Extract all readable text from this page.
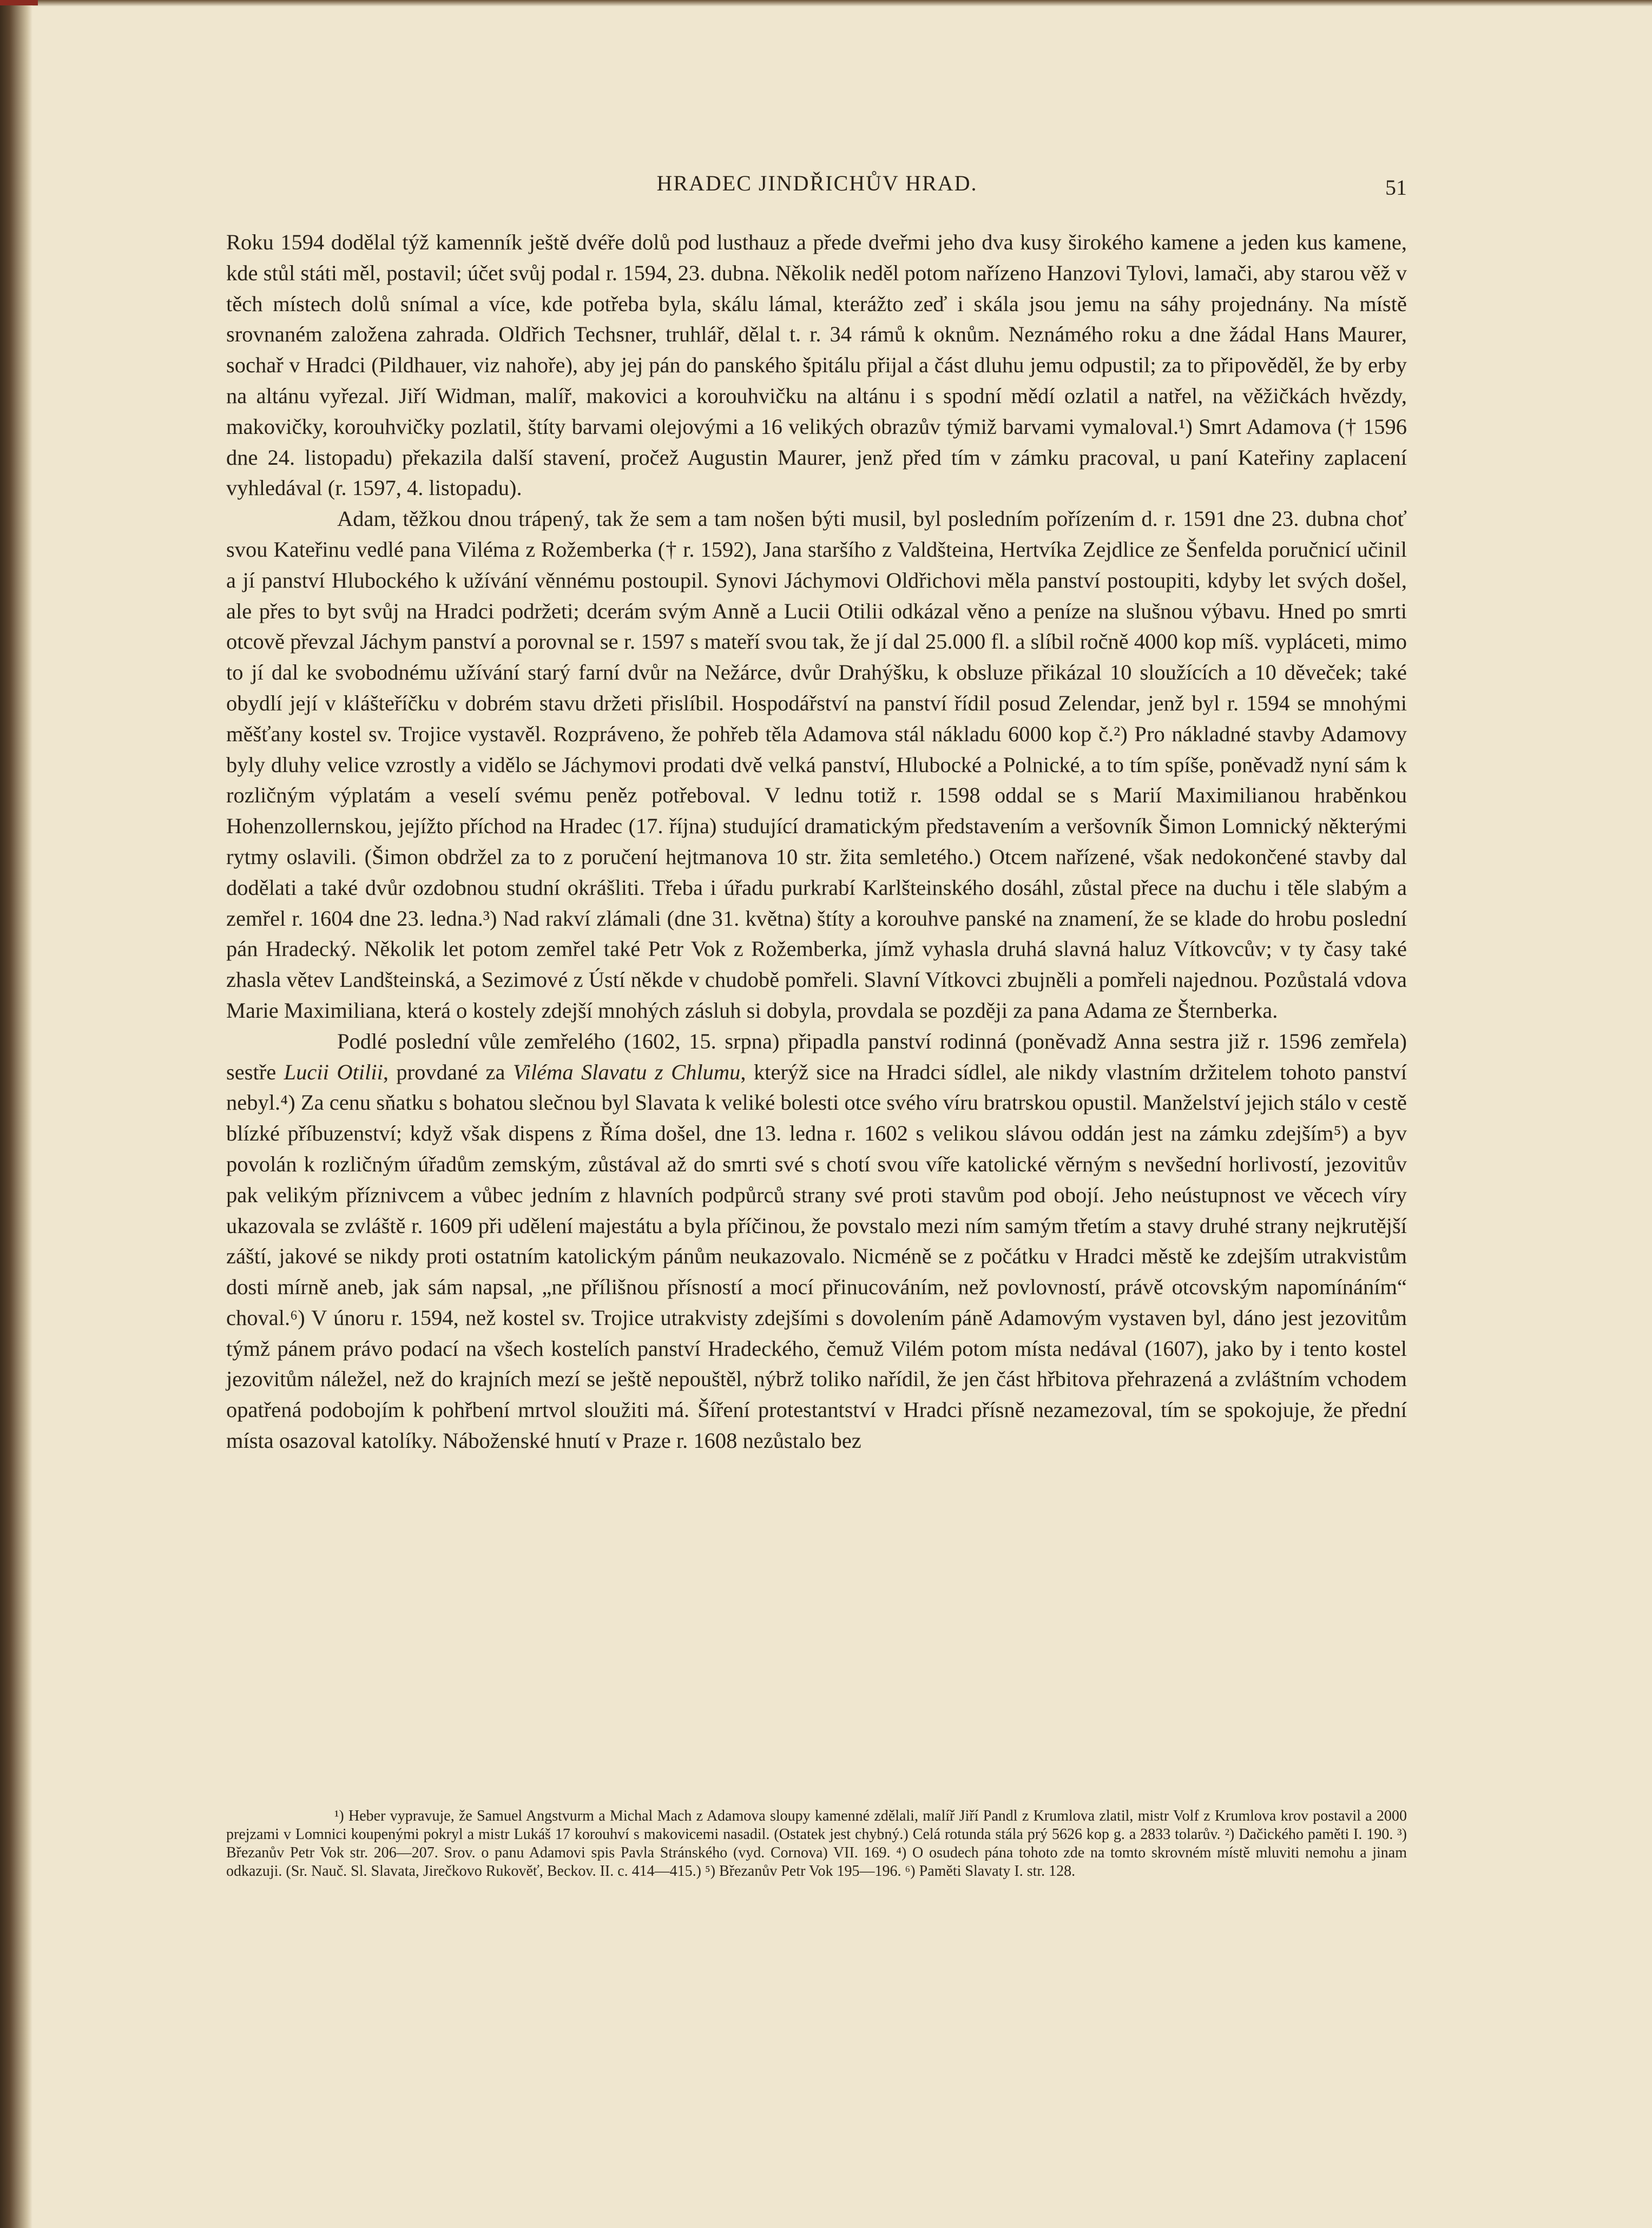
HRADEC JINDŘICHŮV HRAD.	51

Roku 1594 dodělal týž kamenník ještě dvéře dolů pod lusthauz a přede dveřmi jeho dva kusy širokého kamene a jeden kus kamene, kde stůl státi měl, postavil; účet svůj podal r. 1594, 23. dubna. Několik neděl potom nařízeno Hanzovi Tylovi, lamači, aby starou věž v těch místech dolů snímal a více, kde potřeba byla, skálu lámal, kterážto zeď i skála jsou jemu na sáhy projednány. Na místě srovnaném založena zahrada. Oldřich Techsner, truhlář, dělal t. r. 34 rámů k oknům. Neznámého roku a dne žádal Hans Maurer, sochař v Hradci (Pildhauer, viz nahoře), aby jej pán do panského špitálu přijal a část dluhu jemu odpustil; za to připověděl, že by erby na altánu vyřezal. Jiří Widman, malíř, makovici a korouhvičku na altánu i s spodní mědí ozlatil a natřel, na věžičkách hvězdy, makovičky, korouhvičky pozlatil, štíty barvami olejovými a 16 velikých obrazův týmiž barvami vymaloval.¹) Smrt Adamova († 1596 dne 24. listopadu) překazila další stavení, pročež Augustin Maurer, jenž před tím v zámku pracoval, u paní Kateřiny zaplacení vyhledával (r. 1597, 4. listopadu).

Adam, těžkou dnou trápený, tak že sem a tam nošen býti musil, byl posledním pořízením d. r. 1591 dne 23. dubna choť svou Kateřinu vedlé pana Viléma z Rožemberka († r. 1592), Jana staršího z Valdšteina, Hertvíka Zejdlice ze Šenfelda poručnicí učinil a jí panství Hlubockého k užívání věnnému postoupil. Synovi Jáchymovi Oldřichovi měla panství postoupiti, kdyby let svých došel, ale přes to byt svůj na Hradci podržeti; dcerám svým Anně a Lucii Otilii odkázal věno a peníze na slušnou výbavu. Hned po smrti otcově převzal Jáchym panství a porovnal se r. 1597 s mateří svou tak, že jí dal 25.000 fl. a slíbil ročně 4000 kop míš. vypláceti, mimo to jí dal ke svobodnému užívání starý farní dvůr na Nežárce, dvůr Drahýšku, k obsluze přikázal 10 sloužících a 10 děveček; také obydlí její v klášteříčku v dobrém stavu držeti přislíbil. Hospodářství na panství řídil posud Zelendar, jenž byl r. 1594 se mnohými měšťany kostel sv. Trojice vystavěl. Rozpráveno, že pohřeb těla Adamova stál nákladu 6000 kop č.²) Pro nákladné stavby Adamovy byly dluhy velice vzrostly a vidělo se Jáchymovi prodati dvě velká panství, Hlubocké a Polnické, a to tím spíše, poněvadž nyní sám k rozličným výplatám a veselí svému peněz potřeboval. V lednu totiž r. 1598 oddal se s Marií Maximilianou hraběnkou Hohenzollernskou, jejížto příchod na Hradec (17. října) studující dramatickým představením a veršovník Šimon Lomnický některými rytmy oslavili. (Šimon obdržel za to z poručení hejtmanova 10 str. žita semletého.) Otcem nařízené, však nedokončené stavby dal dodělati a také dvůr ozdobnou studní okrášliti. Třeba i úřadu purkrabí Karlšteinského dosáhl, zůstal přece na duchu i těle slabým a zemřel r. 1604 dne 23. ledna.³) Nad rakví zlámali (dne 31. května) štíty a korouhve panské na znamení, že se klade do hrobu poslední pán Hradecký. Několik let potom zemřel také Petr Vok z Rožemberka, jímž vyhasla druhá slavná haluz Vítkovcův; v ty časy také zhasla větev Landšteinská, a Sezimové z Ústí někde v chudobě pomřeli. Slavní Vítkovci zbujněli a pomřeli najednou. Pozůstalá vdova Marie Maximiliana, která o kostely zdejší mnohých zásluh si dobyla, provdala se později za pana Adama ze Šternberka.

Podlé poslední vůle zemřelého (1602, 15. srpna) připadla panství rodinná (poněvadž Anna sestra již r. 1596 zemřela) sestře Lucii Otilii, provdané za Viléma Slavatu z Chlumu, kterýž sice na Hradci sídlel, ale nikdy vlastním držitelem tohoto panství nebyl.⁴) Za cenu sňatku s bohatou slečnou byl Slavata k veliké bolesti otce svého víru bratrskou opustil. Manželství jejich stálo v cestě blízké příbuzenství; když však dispens z Říma došel, dne 13. ledna r. 1602 s velikou slávou oddán jest na zámku zdejším⁵) a byv povolán k rozličným úřadům zemským, zůstával až do smrti své s chotí svou víře katolické věrným s nevšední horlivostí, jezovitův pak velikým příznivcem a vůbec jedním z hlavních podpůrců strany své proti stavům pod obojí. Jeho neústupnost ve věcech víry ukazovala se zvláště r. 1609 při udělení majestátu a byla příčinou, že povstalo mezi ním samým třetím a stavy druhé strany nejkrutější záští, jakové se nikdy proti ostatním katolickým pánům neukazovalo. Nicméně se z počátku v Hradci městě ke zdejším utrakvistům dosti mírně aneb, jak sám napsal, „ne přílišnou přísností a mocí přinucováním, než povlovností, právě otcovským napomínáním“ choval.⁶) V únoru r. 1594, než kostel sv. Trojice utrakvisty zdejšími s dovolením páně Adamovým vystaven byl, dáno jest jezovitům týmž pánem právo podací na všech kostelích panství Hradeckého, čemuž Vilém potom místa nedával (1607), jako by i tento kostel jezovitům náležel, než do krajních mezí se ještě nepouštěl, nýbrž toliko nařídil, že jen část hřbitova přehrazená a zvláštním vchodem opatřená podobojím k pohřbení mrtvol sloužiti má. Šíření protestantství v Hradci přísně nezamezoval, tím se spokojuje, že přední místa osazoval katolíky. Náboženské hnutí v Praze r. 1608 nezůstalo bez

¹) Heber vypravuje, že Samuel Angstvurm a Michal Mach z Adamova sloupy kamenné zdělali, malíř Jiří Pandl z Krumlova zlatil, mistr Volf z Krumlova krov postavil a 2000 prejzami v Lomnici koupenými pokryl a mistr Lukáš 17 korouhví s makovicemi nasadil. (Ostatek jest chybný.) Celá rotunda stála prý 5626 kop g. a 2833 tolarův. ²) Dačického paměti I. 190. ³) Březanův Petr Vok str. 206—207. Srov. o panu Adamovi spis Pavla Stránského (vyd. Cornova) VII. 169. ⁴) O osudech pána tohoto zde na tomto skrovném místě mluviti nemohu a jinam odkazuji. (Sr. Nauč. Sl. Slavata, Jirečkovo Rukověť, Beckov. II. c. 414—415.) ⁵) Březanův Petr Vok 195—196. ⁶) Paměti Slavaty I. str. 128.
